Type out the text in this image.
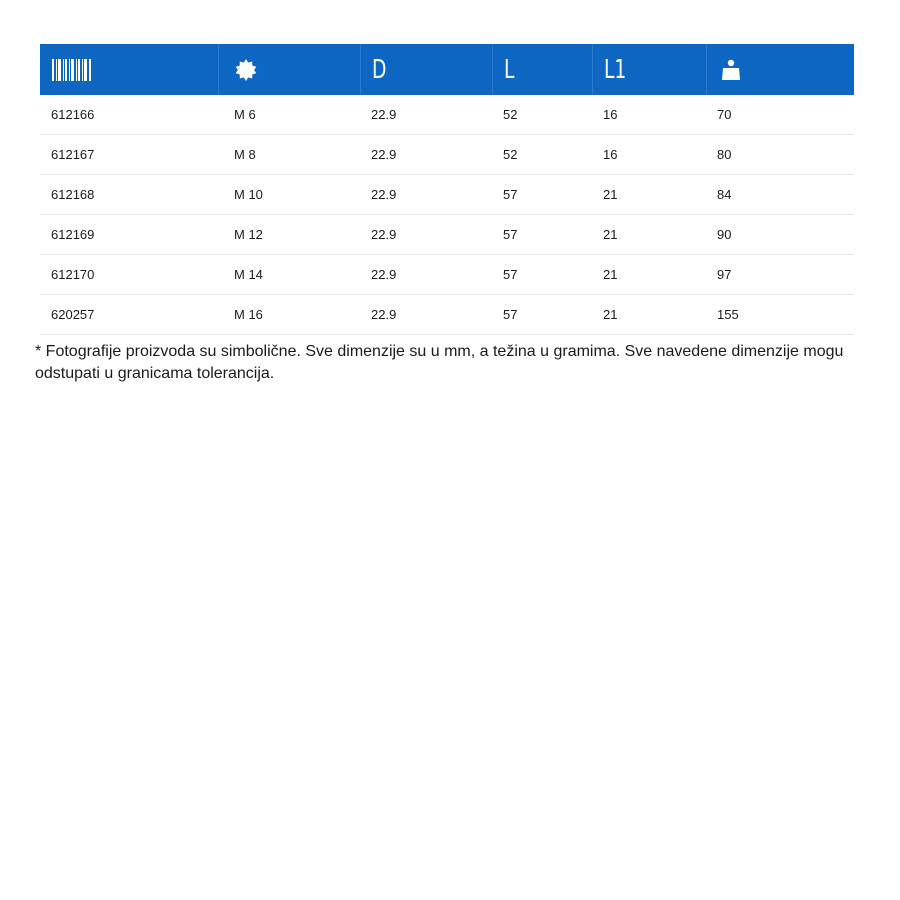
		D	L	L1	
612166	M 6	22.9	52	16	70
612167	M 8	22.9	52	16	80
612168	M 10	22.9	57	21	84
612169	M 12	22.9	57	21	90
612170	M 14	22.9	57	21	97
620257	M 16	22.9	57	21	155

* Fotografije proizvoda su simbolične. Sve dimenzije su u mm, a težina u gramima. Sve navedene dimenzije mogu odstupati u granicama tolerancija.
